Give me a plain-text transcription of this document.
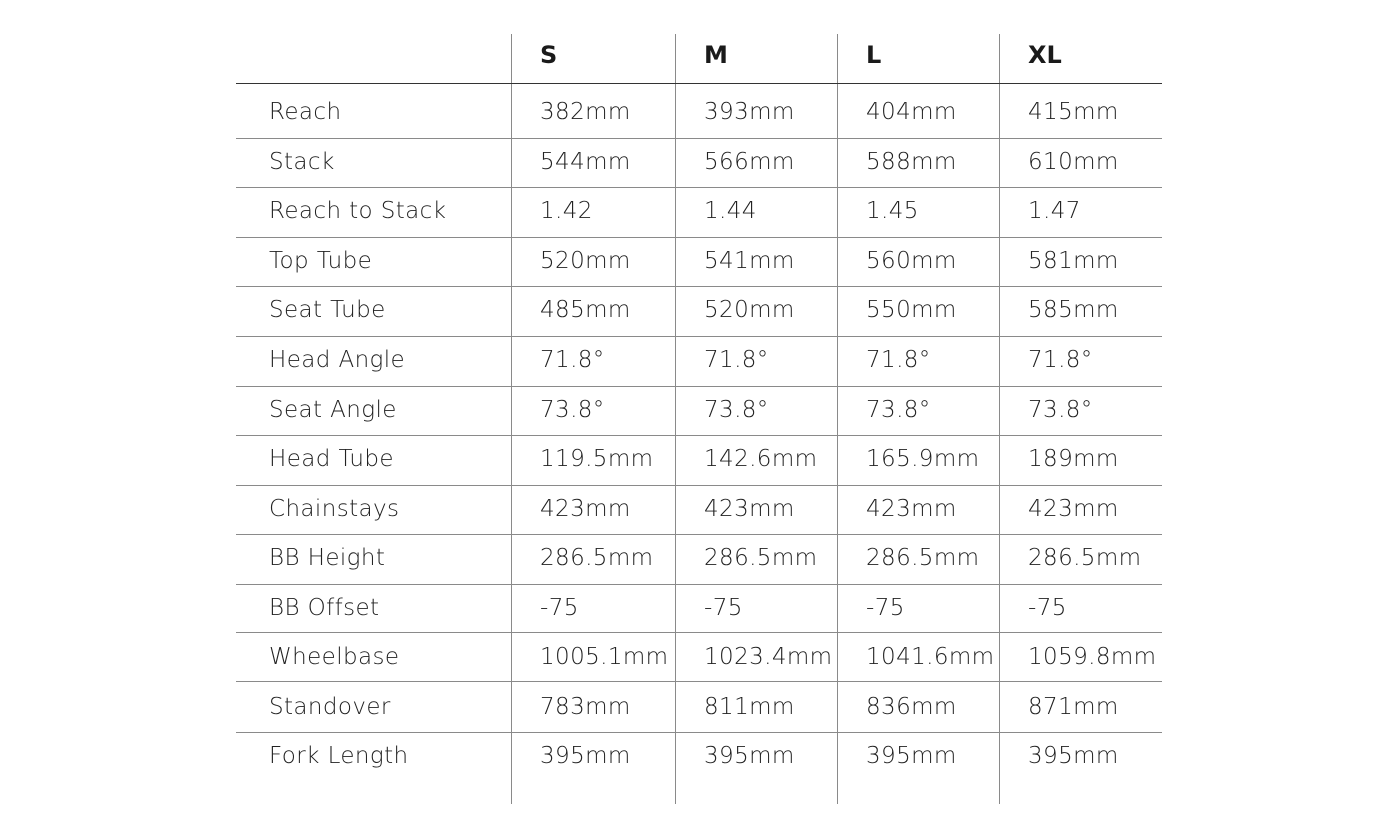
S	M	L	XL
Reach	382mm	393mm	404mm	415mm
Stack	544mm	566mm	588mm	610mm
Reach to Stack	1.42	1.44	1.45	1.47
Top Tube	520mm	541mm	560mm	581mm
Seat Tube	485mm	520mm	550mm	585mm
Head Angle	71.8°	71.8°	71.8°	71.8°
Seat Angle	73.8°	73.8°	73.8°	73.8°
Head Tube	119.5mm 142.6mm 165.9mm 189mm
Chainstays	423mm	423mm	423mm	423mm
BB Height	286.5mm 286.5mm 286.5mm 286.5mm
BB Offset	-75	-75	-75	-75
Wheelbase	1005.1mm 1023.4mm 1041.6mm 1059.8mm
Standover	783mm	811mm	836mm	871mm
Fork Length	395mm	395mm	395mm	395mm
